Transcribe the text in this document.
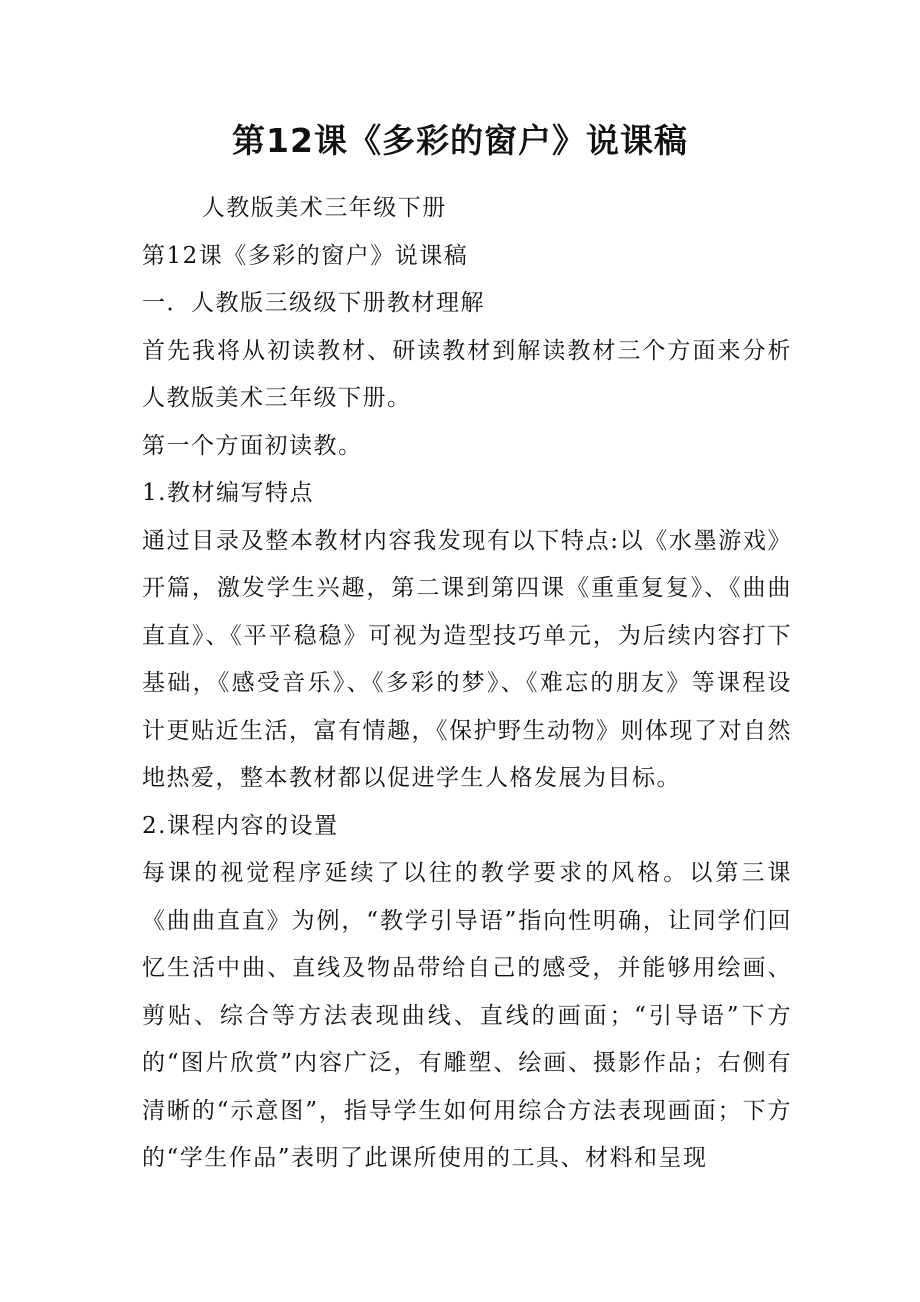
第12课《多彩的窗户》说课稿

人教版美术三年级下册

第12课《多彩的窗户》说课稿

一．人教版三级级下册教材理解

首先我将从初读教材、研读教材到解读教材三个方面来分析人教版美术三年级下册。

第一个方面初读教。

1.教材编写特点

通过目录及整本教材内容我发现有以下特点:以《水墨游戏》开篇，激发学生兴趣，第二课到第四课《重重复复》、《曲曲直直》、《平平稳稳》可视为造型技巧单元，为后续内容打下基础，《感受音乐》、《多彩的梦》、《难忘的朋友》等课程设计更贴近生活，富有情趣，《保护野生动物》则体现了对自然地热爱，整本教材都以促进学生人格发展为目标。

2.课程内容的设置

每课的视觉程序延续了以往的教学要求的风格。以第三课《曲曲直直》为例，“教学引导语”指向性明确，让同学们回忆生活中曲、直线及物品带给自己的感受，并能够用绘画、剪贴、综合等方法表现曲线、直线的画面；“引导语”下方的“图片欣赏”内容广泛，有雕塑、绘画、摄影作品；右侧有清晰的“示意图”，指导学生如何用综合方法表现画面；下方的“学生作品”表明了此课所使用的工具、材料和呈现
